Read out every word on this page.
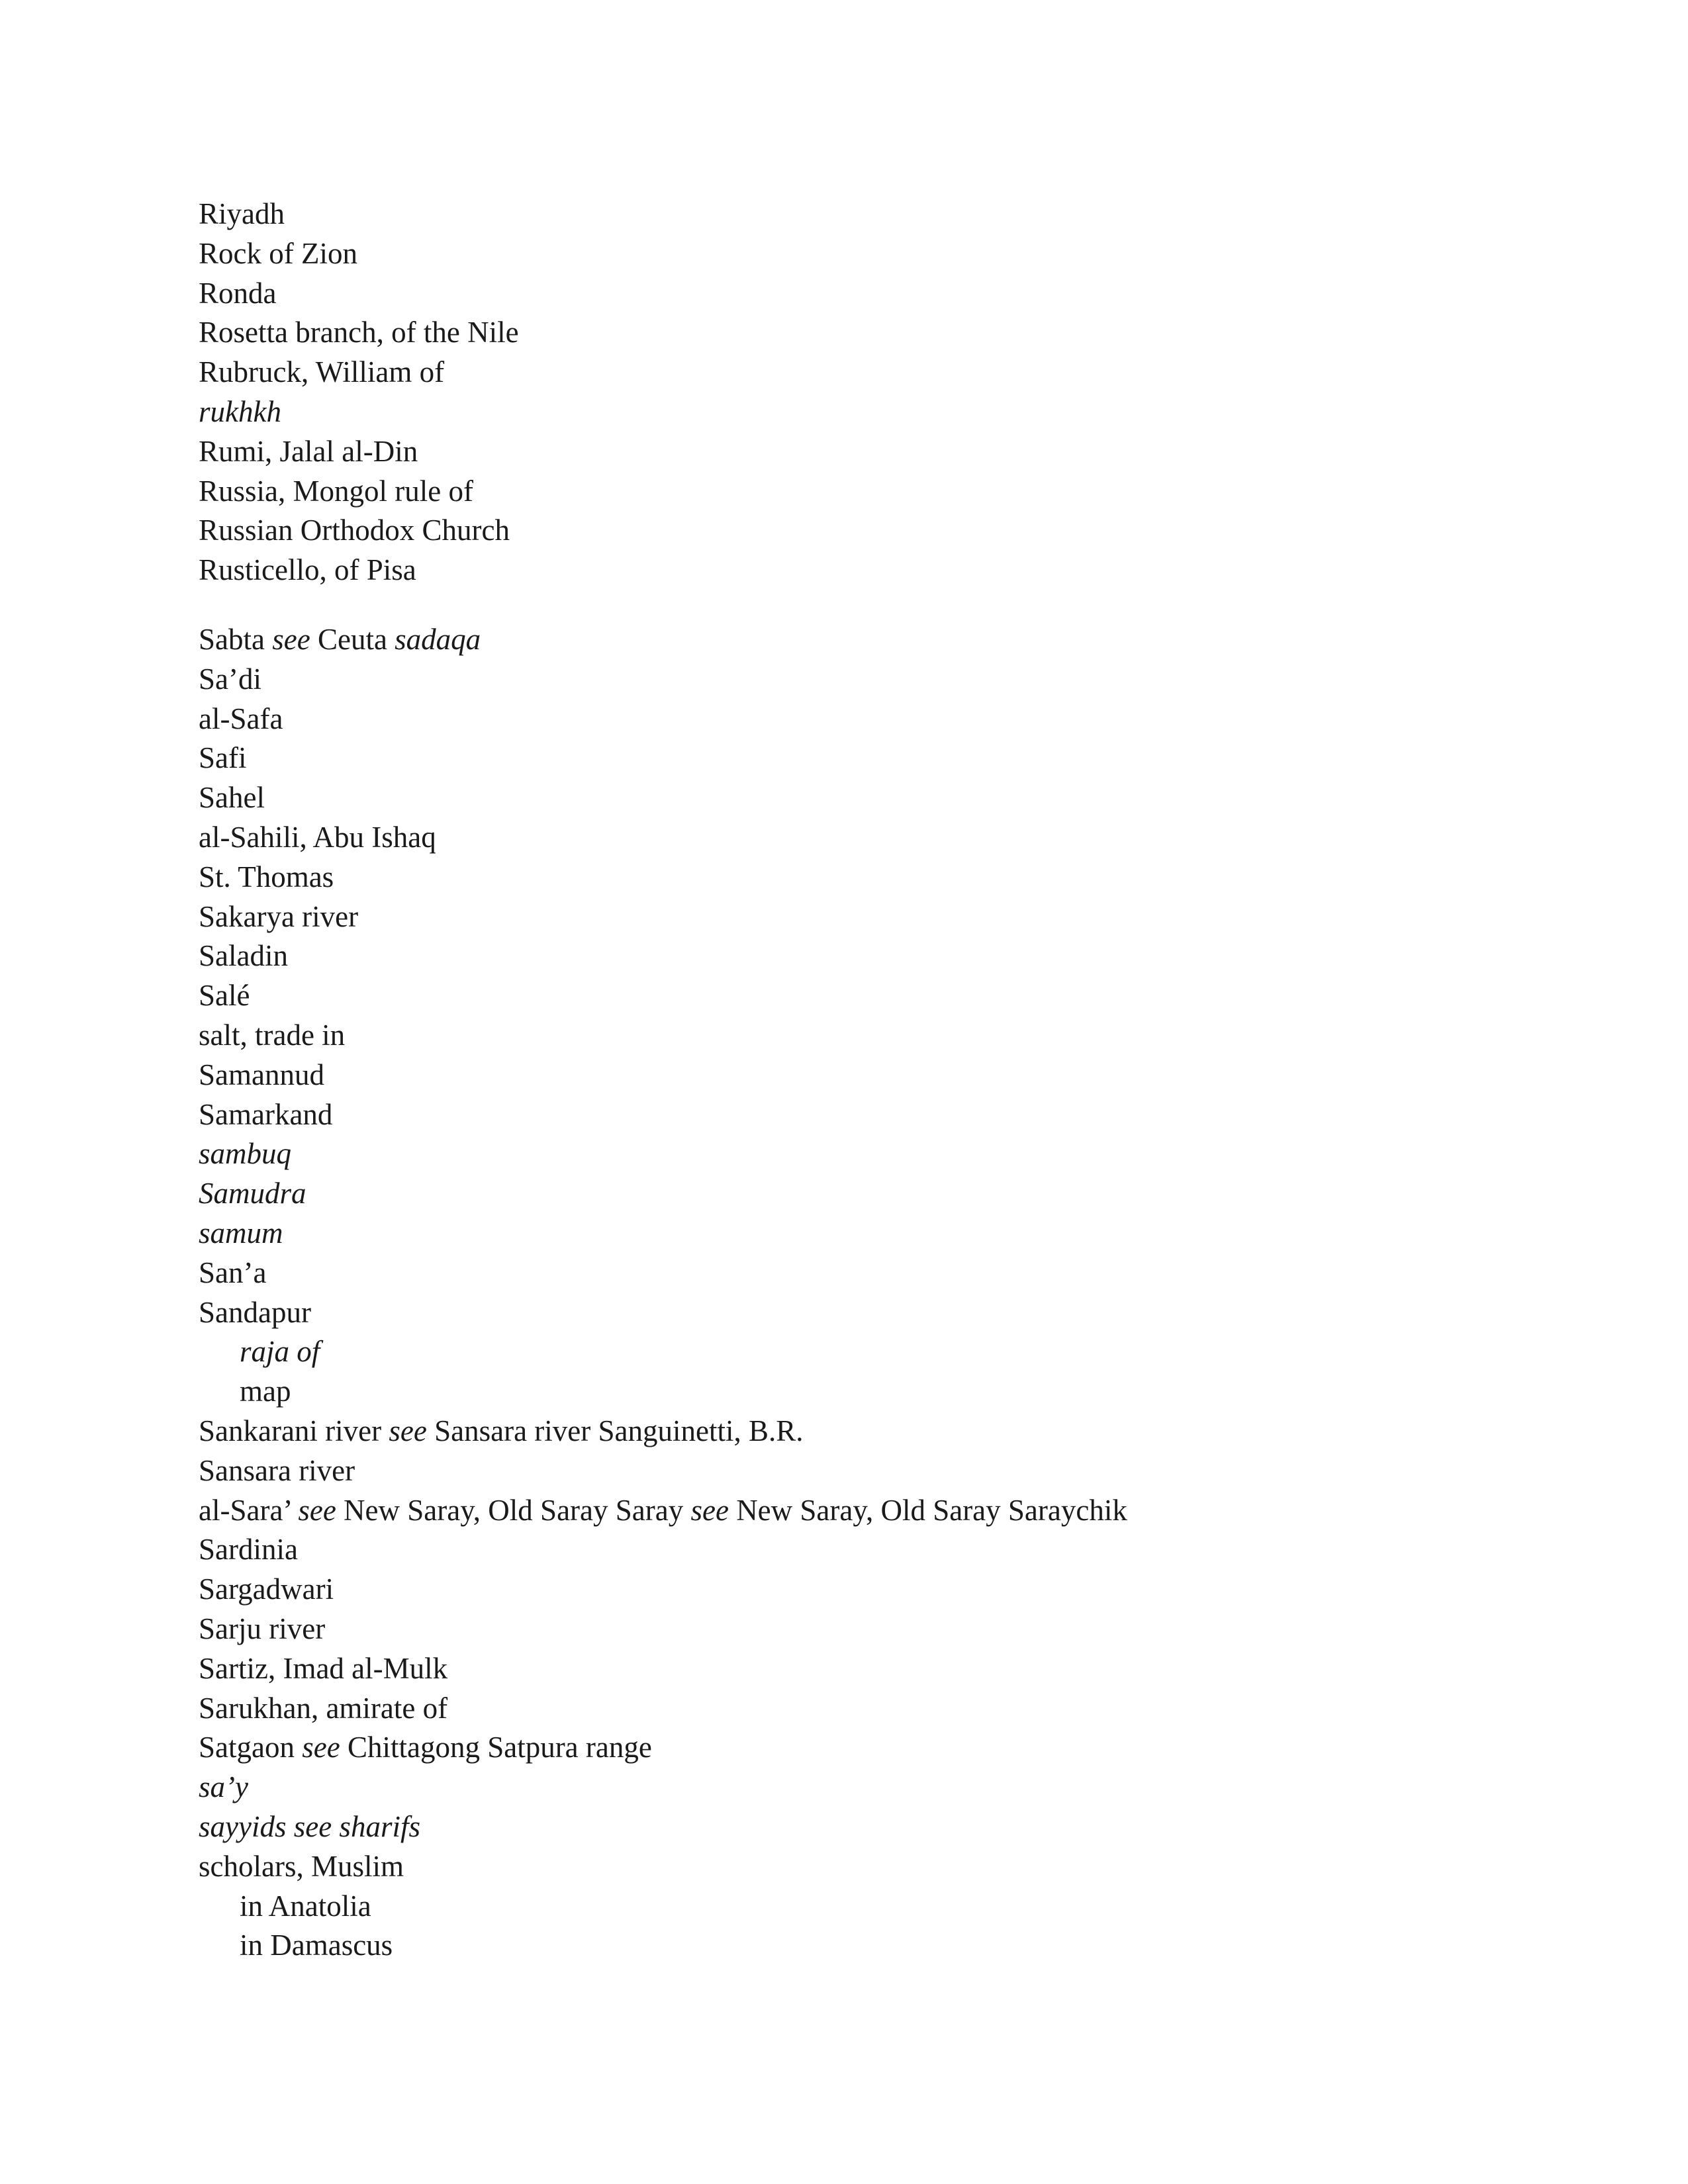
Riyadh
Rock of Zion
Ronda
Rosetta branch, of the Nile
Rubruck, William of
rukhkh
Rumi, Jalal al-Din
Russia, Mongol rule of
Russian Orthodox Church
Rusticello, of Pisa
Sabta see Ceuta sadaqa
Sa’di
al-Safa
Safi
Sahel
al-Sahili, Abu Ishaq
St. Thomas
Sakarya river
Saladin
Salé
salt, trade in
Samannud
Samarkand
sambuq
Samudra
samum
San’a
Sandapur
raja of
map
Sankarani river see Sansara river Sanguinetti, B.R.
Sansara river
al-Sara’ see New Saray, Old Saray Saray see New Saray, Old Saray Saraychik
Sardinia
Sargadwari
Sarju river
Sartiz, Imad al-Mulk
Sarukhan, amirate of
Satgaon see Chittagong Satpura range
sa’y
sayyids see sharifs
scholars, Muslim
in Anatolia
in Damascus
